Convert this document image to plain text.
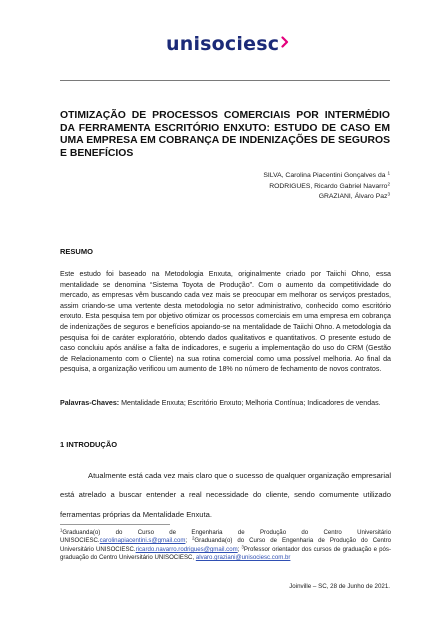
unisociesc
OTIMIZAÇÃO DE PROCESSOS COMERCIAIS POR INTERMÉDIO DA FERRAMENTA ESCRITÓRIO ENXUTO: ESTUDO DE CASO EM UMA EMPRESA EM COBRANÇA DE INDENIZAÇÕES DE SEGUROS E BENEFÍCIOS
SILVA, Carolina Piacentini Gonçalves da $^1$
RODRIGUES, Ricardo Gabriel Navarro$^2$
GRAZIANI, Álvaro Paz$^3$
RESUMO
Este estudo foi baseado na Metodologia Enxuta, originalmente criado por Taiichi Ohno, essa mentalidade se denomina “Sistema Toyota de Produção”. Com o aumento da competitividade do mercado, as empresas vêm buscando cada vez mais se preocupar em melhorar os serviços prestados, assim criando-se uma vertente desta metodologia no setor administrativo, conhecido como escritório enxuto. Esta pesquisa tem por objetivo otimizar os processos comerciais em uma empresa em cobrança de indenizações de seguros e benefícios apoiando-se na mentalidade de Taiichi Ohno. A metodologia da pesquisa foi de caráter exploratório, obtendo dados qualitativos e quantitativos. O presente estudo de caso concluiu após análise a falta de indicadores, e sugeriu a implementação do uso do CRM (Gestão de Relacionamento com o Cliente) na sua rotina comercial como uma possível melhoria. Ao final da pesquisa, a organização verificou um aumento de 18% no número de fechamento de novos contratos.
Palavras-Chaves: Mentalidade Enxuta; Escritório Enxuto; Melhoria Contínua; Indicadores de vendas.
1 INTRODUÇÃO
Atualmente está cada vez mais claro que o sucesso de qualquer organização empresarial está atrelado a buscar entender a real necessidade do cliente, sendo comumente utilizado ferramentas próprias da Mentalidade Enxuta.
$^1$Graduanda(o) do Curso de Engenharia de Produção do Centro Universitário UNISOCIESC.carolinapiacentini.s@gmail.com; $^2$Graduanda(o) do Curso de Engenharia de Produção do Centro Universitário UNISOCIESC.ricardo.navarro.rodrigues@gmail.com; $^3$Professor orientador dos cursos de graduação e pós-graduação do Centro Universitário UNISOCIESC, alvaro.graziani@unisociesc.com.br
Joinville – SC, 28 de Junho de 2021.
